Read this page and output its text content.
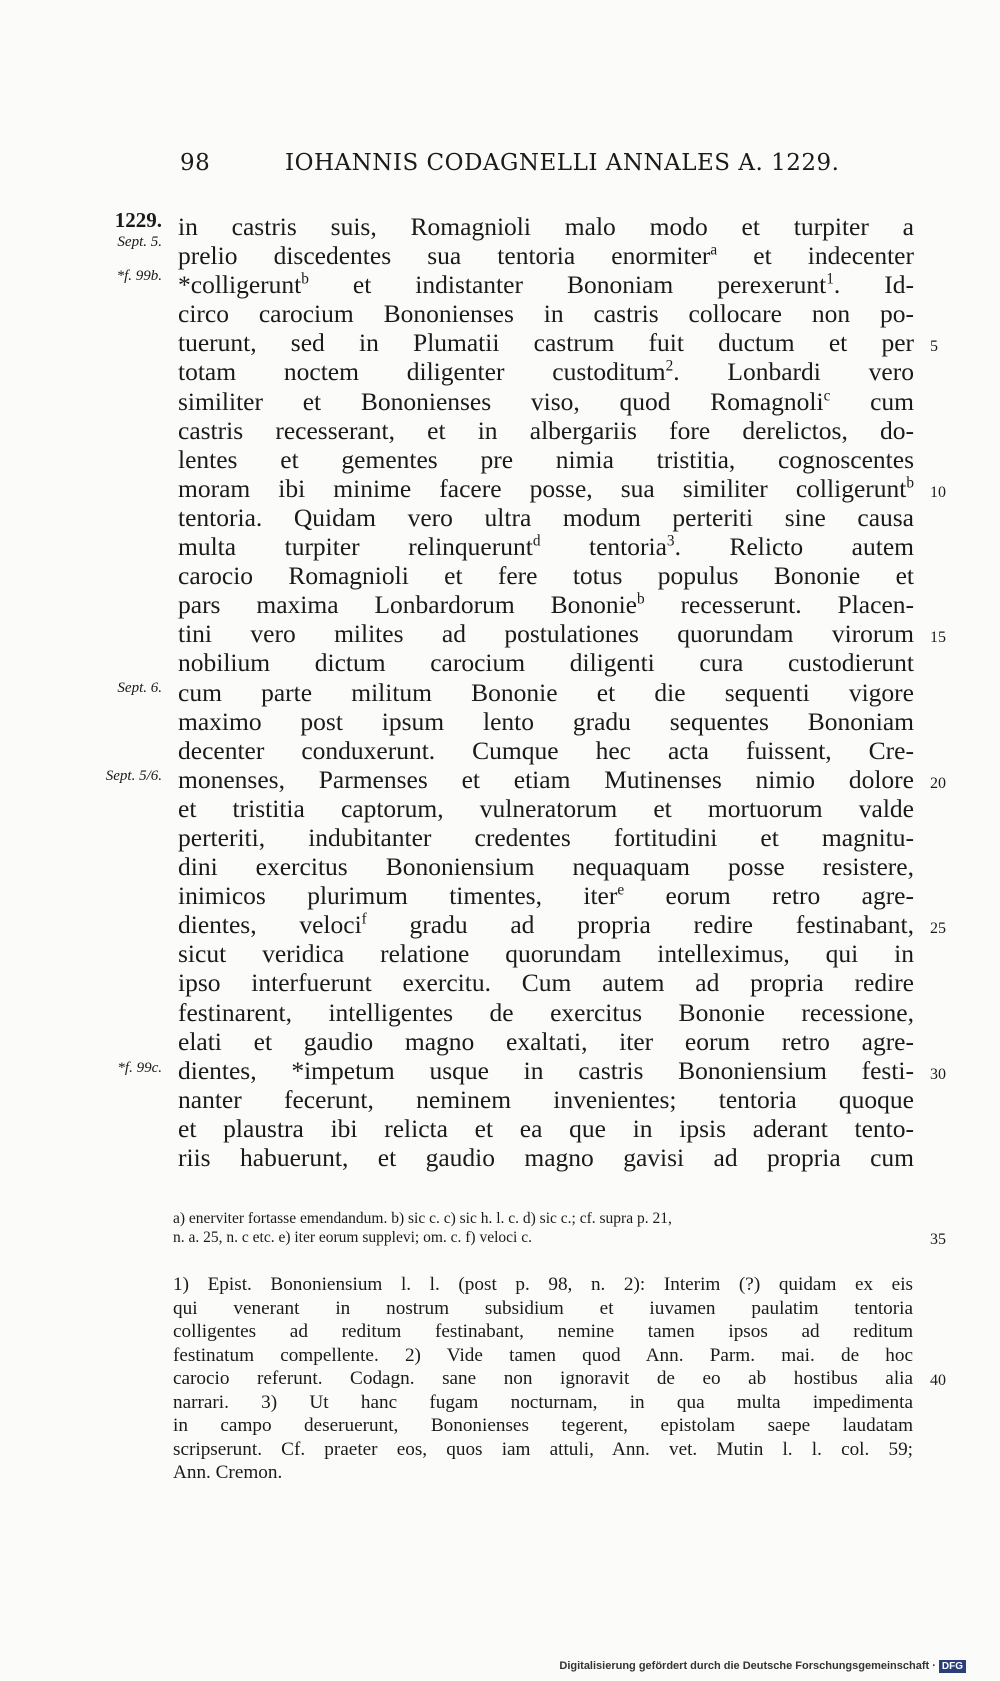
98	IOHANNIS CODAGNELLI ANNALES A. 1229.
1229.
Sept. 5.
*f. 99b.
Sept. 6.
Sept. 5/6.
*f. 99c.
in castris suis, Romagnioli malo modo et turpiter a
prelio discedentes sua tentoria enormiter$^a$ et indecenter
*colligerunt$^b$ et indistanter Bononiam perexerunt$^1$. Id-
circo carocium Bononienses in castris collocare non po-
tuerunt, sed in Plumatii castrum fuit ductum et per 5
totam noctem diligenter custoditum$^2$. Lonbardi vero
similiter et Bononienses viso, quod Romagnoli$^c$ cum
castris recesserant, et in albergariis fore derelictos, do-
lentes et gementes pre nimia tristitia, cognoscentes
moram ibi minime facere posse, sua similiter colligerunt$^b$
10
tentoria. Quidam vero ultra modum perteriti sine causa
multa turpiter relinquerunt$^d$ tentoria$^3$. Relicto autem
carocio Romagnioli et fere totus populus Bononie et
pars maxima Lonbardorum Bononie$^b$ recesserunt. Placen-
tini vero milites ad postulationes quorundam virorum 15
nobilium dictum carocium diligenti cura custodierunt
cum parte militum Bononie et die sequenti vigore
maximo post ipsum lento gradu sequentes Bononiam
decenter conduxerunt. Cumque hec acta fuissent, Cre-
monenses, Parmenses et etiam Mutinenses nimio dolore 20
et tristitia captorum, vulneratorum et mortuorum valde
perteriti, indubitanter credentes fortitudini et magnitu-
dini exercitus Bononiensium nequaquam posse resistere,
inimicos plurimum timentes, iter$^e$ eorum retro agre-
dientes, veloci$^f$ gradu ad propria redire festinabant, 25
sicut veridica relatione quorundam intelleximus, qui in
ipso interfuerunt exercitu. Cum autem ad propria redire
festinarent, intelligentes de exercitus Bononie recessione,
elati et gaudio magno exaltati, iter eorum retro agre-
dientes, *impetum usque in castris Bononiensium festi- 30
nanter fecerunt, neminem invenientes; tentoria quoque
et plaustra ibi relicta et ea que in ipsis aderant tento-
riis habuerunt, et gaudio magno gavisi ad propria cum
a) enerviter fortasse emendandum. b) sic c. c) sic h. l. c. d) sic c.; cf. supra p. 21,
n. a. 25, n. c etc. e) iter eorum supplevi; om. c. f) veloci c.	35
1) Epist. Bononiensium l. l. (post p. 98, n. 2): Interim (?) quidam ex eis
qui venerant in nostrum subsidium et iuvamen paulatim tentoria
colligentes ad reditum festinabant, nemine tamen ipsos ad reditum
festinatum compellente. 2) Vide tamen quod Ann. Parm. mai. de hoc
carocio referunt. Codagn. sane non ignoravit de eo ab hostibus alia 40
narrari. 3) Ut hanc fugam nocturnam, in qua multa impedimenta
in campo deseruerunt, Bononienses tegerent, epistolam saepe laudatam
scripserunt. Cf. praeter eos, quos iam attuli, Ann. vet. Mutin l. l. col. 59;
Ann. Cremon.
Digitalisierung gefördert durch die Deutsche Forschungsgemeinschaft · DFG
